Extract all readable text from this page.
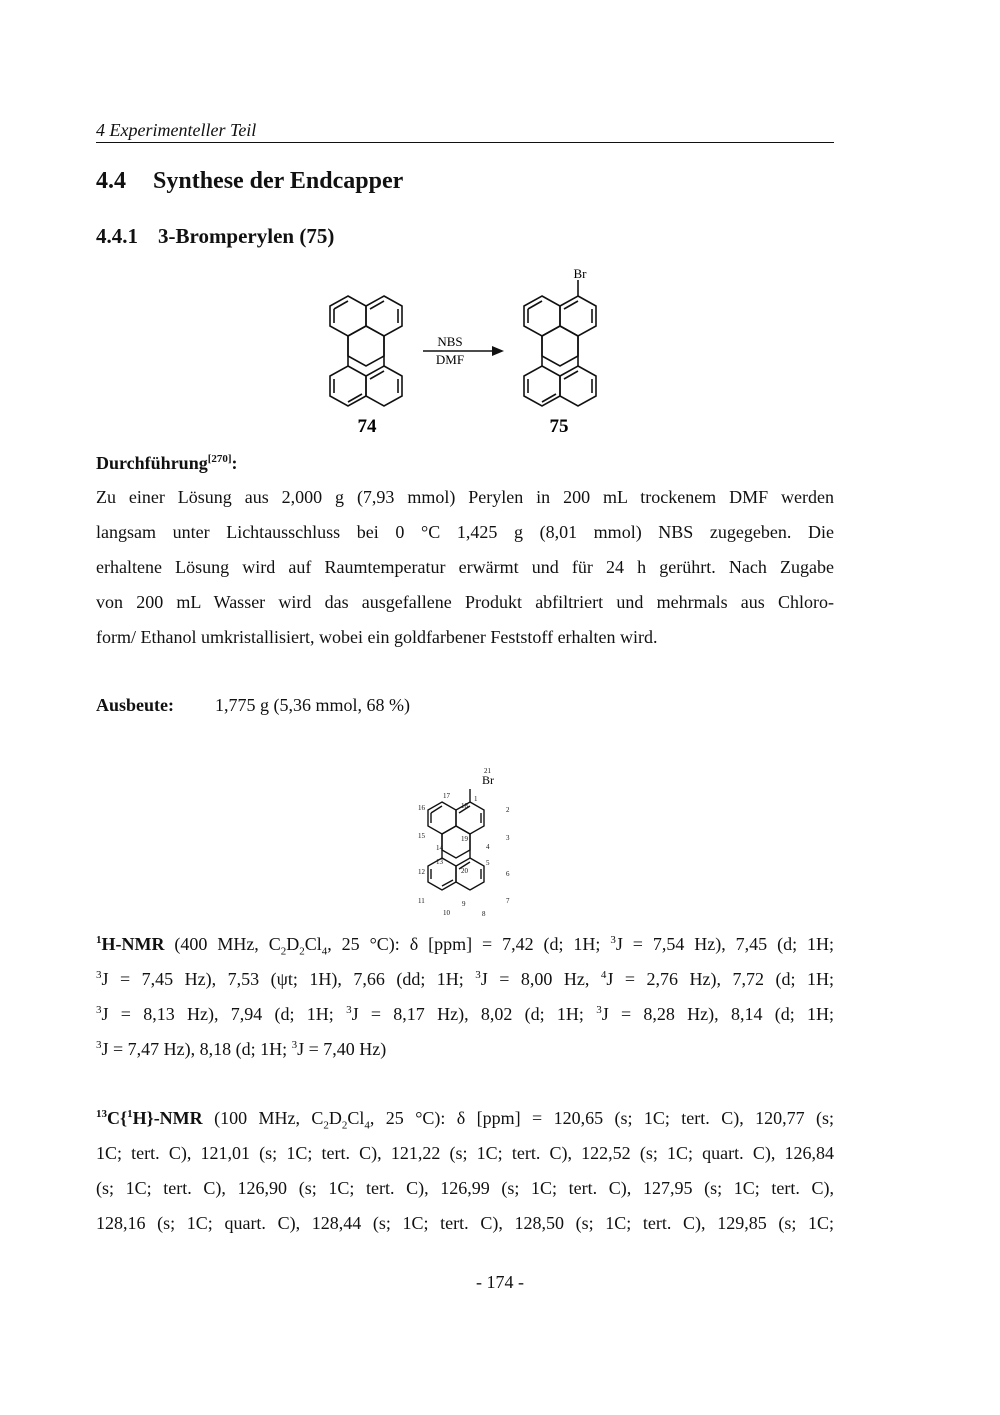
4 Experimenteller Teil
4.4 Synthese der Endcapper
4.4.1 3-Bromperylen (75)
NBS
DMF
Br
74	75
Durchführung[270]:
Zu einer Lösung aus 2,000 g (7,93 mmol) Perylen in 200 mL trockenem DMF werden
langsam unter Lichtausschluss bei 0 °C 1,425 g (8,01 mmol) NBS zugegeben. Die
erhaltene Lösung wird auf Raumtemperatur erwärmt und für 24 h gerührt. Nach Zugabe
von 200 mL Wasser wird das ausgefallene Produkt abfiltriert und mehrmals aus Chloro-
form/ Ethanol umkristallisiert, wobei ein goldfarbener Feststoff erhalten wird.
Ausbeute: 1,775 g (5,36 mmol, 68 %)
Br
21
1
2
3
4
5
6
7
8
9
10
11
12
13
14
15
16
17
18
19
20
$^1$H-NMR (400 MHz, $C_2D_2Cl_4$, 25 °C): δ [ppm] = 7,42 (d; 1H; $^3$J = 7,54 Hz), 7,45 (d; 1H;
$^3$J = 7,45 Hz), 7,53 (ψt; 1H), 7,66 (dd; 1H; $^3$J = 8,00 Hz, $^4$J = 2,76 Hz), 7,72 (d; 1H;
$^3$J = 8,13 Hz), 7,94 (d; 1H; $^3$J = 8,17 Hz), 8,02 (d; 1H; $^3$J = 8,28 Hz), 8,14 (d; 1H;
$^3$J = 7,47 Hz), 8,18 (d; 1H; $^3$J = 7,40 Hz)
$^{13}$C{$^1$H}-NMR (100 MHz, $C_2D_2Cl_4$, 25 °C): δ [ppm] = 120,65 (s; 1C; tert. C), 120,77 (s;
1C; tert. C), 121,01 (s; 1C; tert. C), 121,22 (s; 1C; tert. C), 122,52 (s; 1C; quart. C), 126,84
(s; 1C; tert. C), 126,90 (s; 1C; tert. C), 126,99 (s; 1C; tert. C), 127,95 (s; 1C; tert. C),
128,16 (s; 1C; quart. C), 128,44 (s; 1C; tert. C), 128,50 (s; 1C; tert. C), 129,85 (s; 1C;
- 174 -
